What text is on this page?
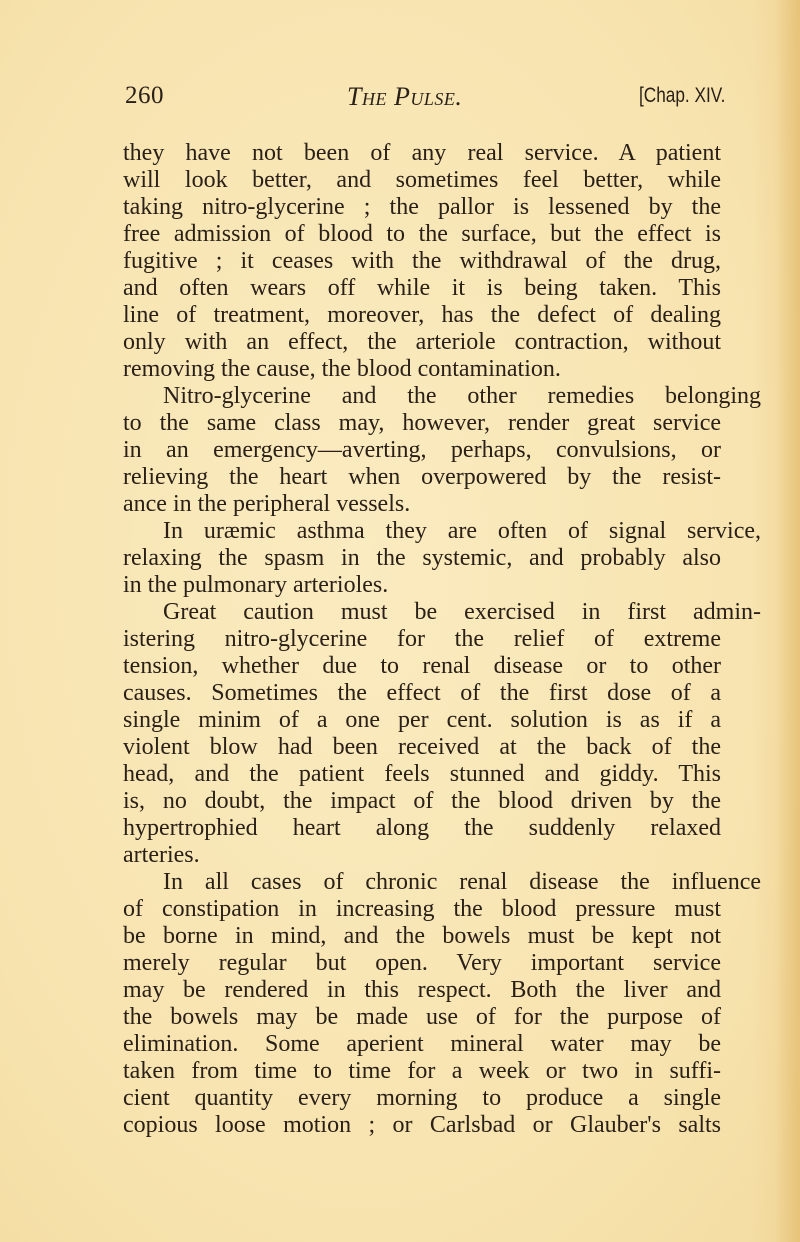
260	The Pulse.	[Chap. XIV.
they have not been of any real service. A patient
will look better, and sometimes feel better, while
taking nitro-glycerine ; the pallor is lessened by the
free admission of blood to the surface, but the effect is
fugitive ; it ceases with the withdrawal of the drug,
and often wears off while it is being taken. This
line of treatment, moreover, has the defect of dealing
only with an effect, the arteriole contraction, without
removing the cause, the blood contamination.
Nitro-glycerine and the other remedies belonging
to the same class may, however, render great service
in an emergency—averting, perhaps, convulsions, or
relieving the heart when overpowered by the resist-
ance in the peripheral vessels.
In uræmic asthma they are often of signal service,
relaxing the spasm in the systemic, and probably also
in the pulmonary arterioles.
Great caution must be exercised in first admin-
istering nitro-glycerine for the relief of extreme
tension, whether due to renal disease or to other
causes. Sometimes the effect of the first dose of a
single minim of a one per cent. solution is as if a
violent blow had been received at the back of the
head, and the patient feels stunned and giddy. This
is, no doubt, the impact of the blood driven by the
hypertrophied heart along the suddenly relaxed
arteries.
In all cases of chronic renal disease the influence
of constipation in increasing the blood pressure must
be borne in mind, and the bowels must be kept not
merely regular but open. Very important service
may be rendered in this respect. Both the liver and
the bowels may be made use of for the purpose of
elimination. Some aperient mineral water may be
taken from time to time for a week or two in suffi-
cient quantity every morning to produce a single
copious loose motion ; or Carlsbad or Glauber's salts
